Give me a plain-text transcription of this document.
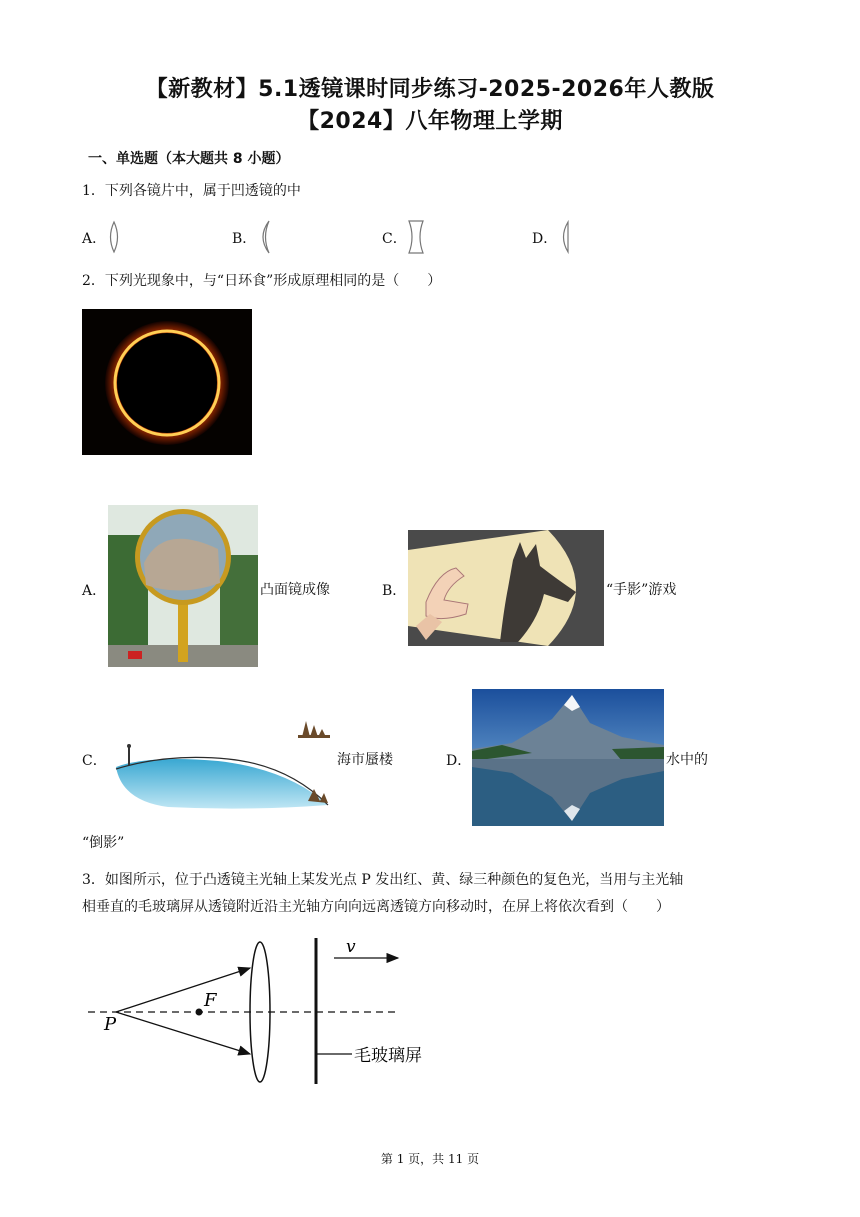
【新教材】5.1透镜课时同步练习-2025-2026年人教版
【2024】八年物理上学期
一、单选题（本大题共 8 小题）
1．下列各镜片中，属于凹透镜的中
A．	B．	C．	D．
2．下列光现象中，与“日环食”形成原理相同的是（　　）
A．	凸面镜成像	B．	“手影”游戏
C．	海市蜃楼	D．	水中的
“倒影”
3．如图所示，位于凸透镜主光轴上某发光点 P 发出红、黄、绿三种颜色的复色光，当用与主光轴
相垂直的毛玻璃屏从透镜附近沿主光轴方向向远离透镜方向移动时，在屏上将依次看到（　　）
v
F
P
毛玻璃屏
第 1 页，共 11 页
